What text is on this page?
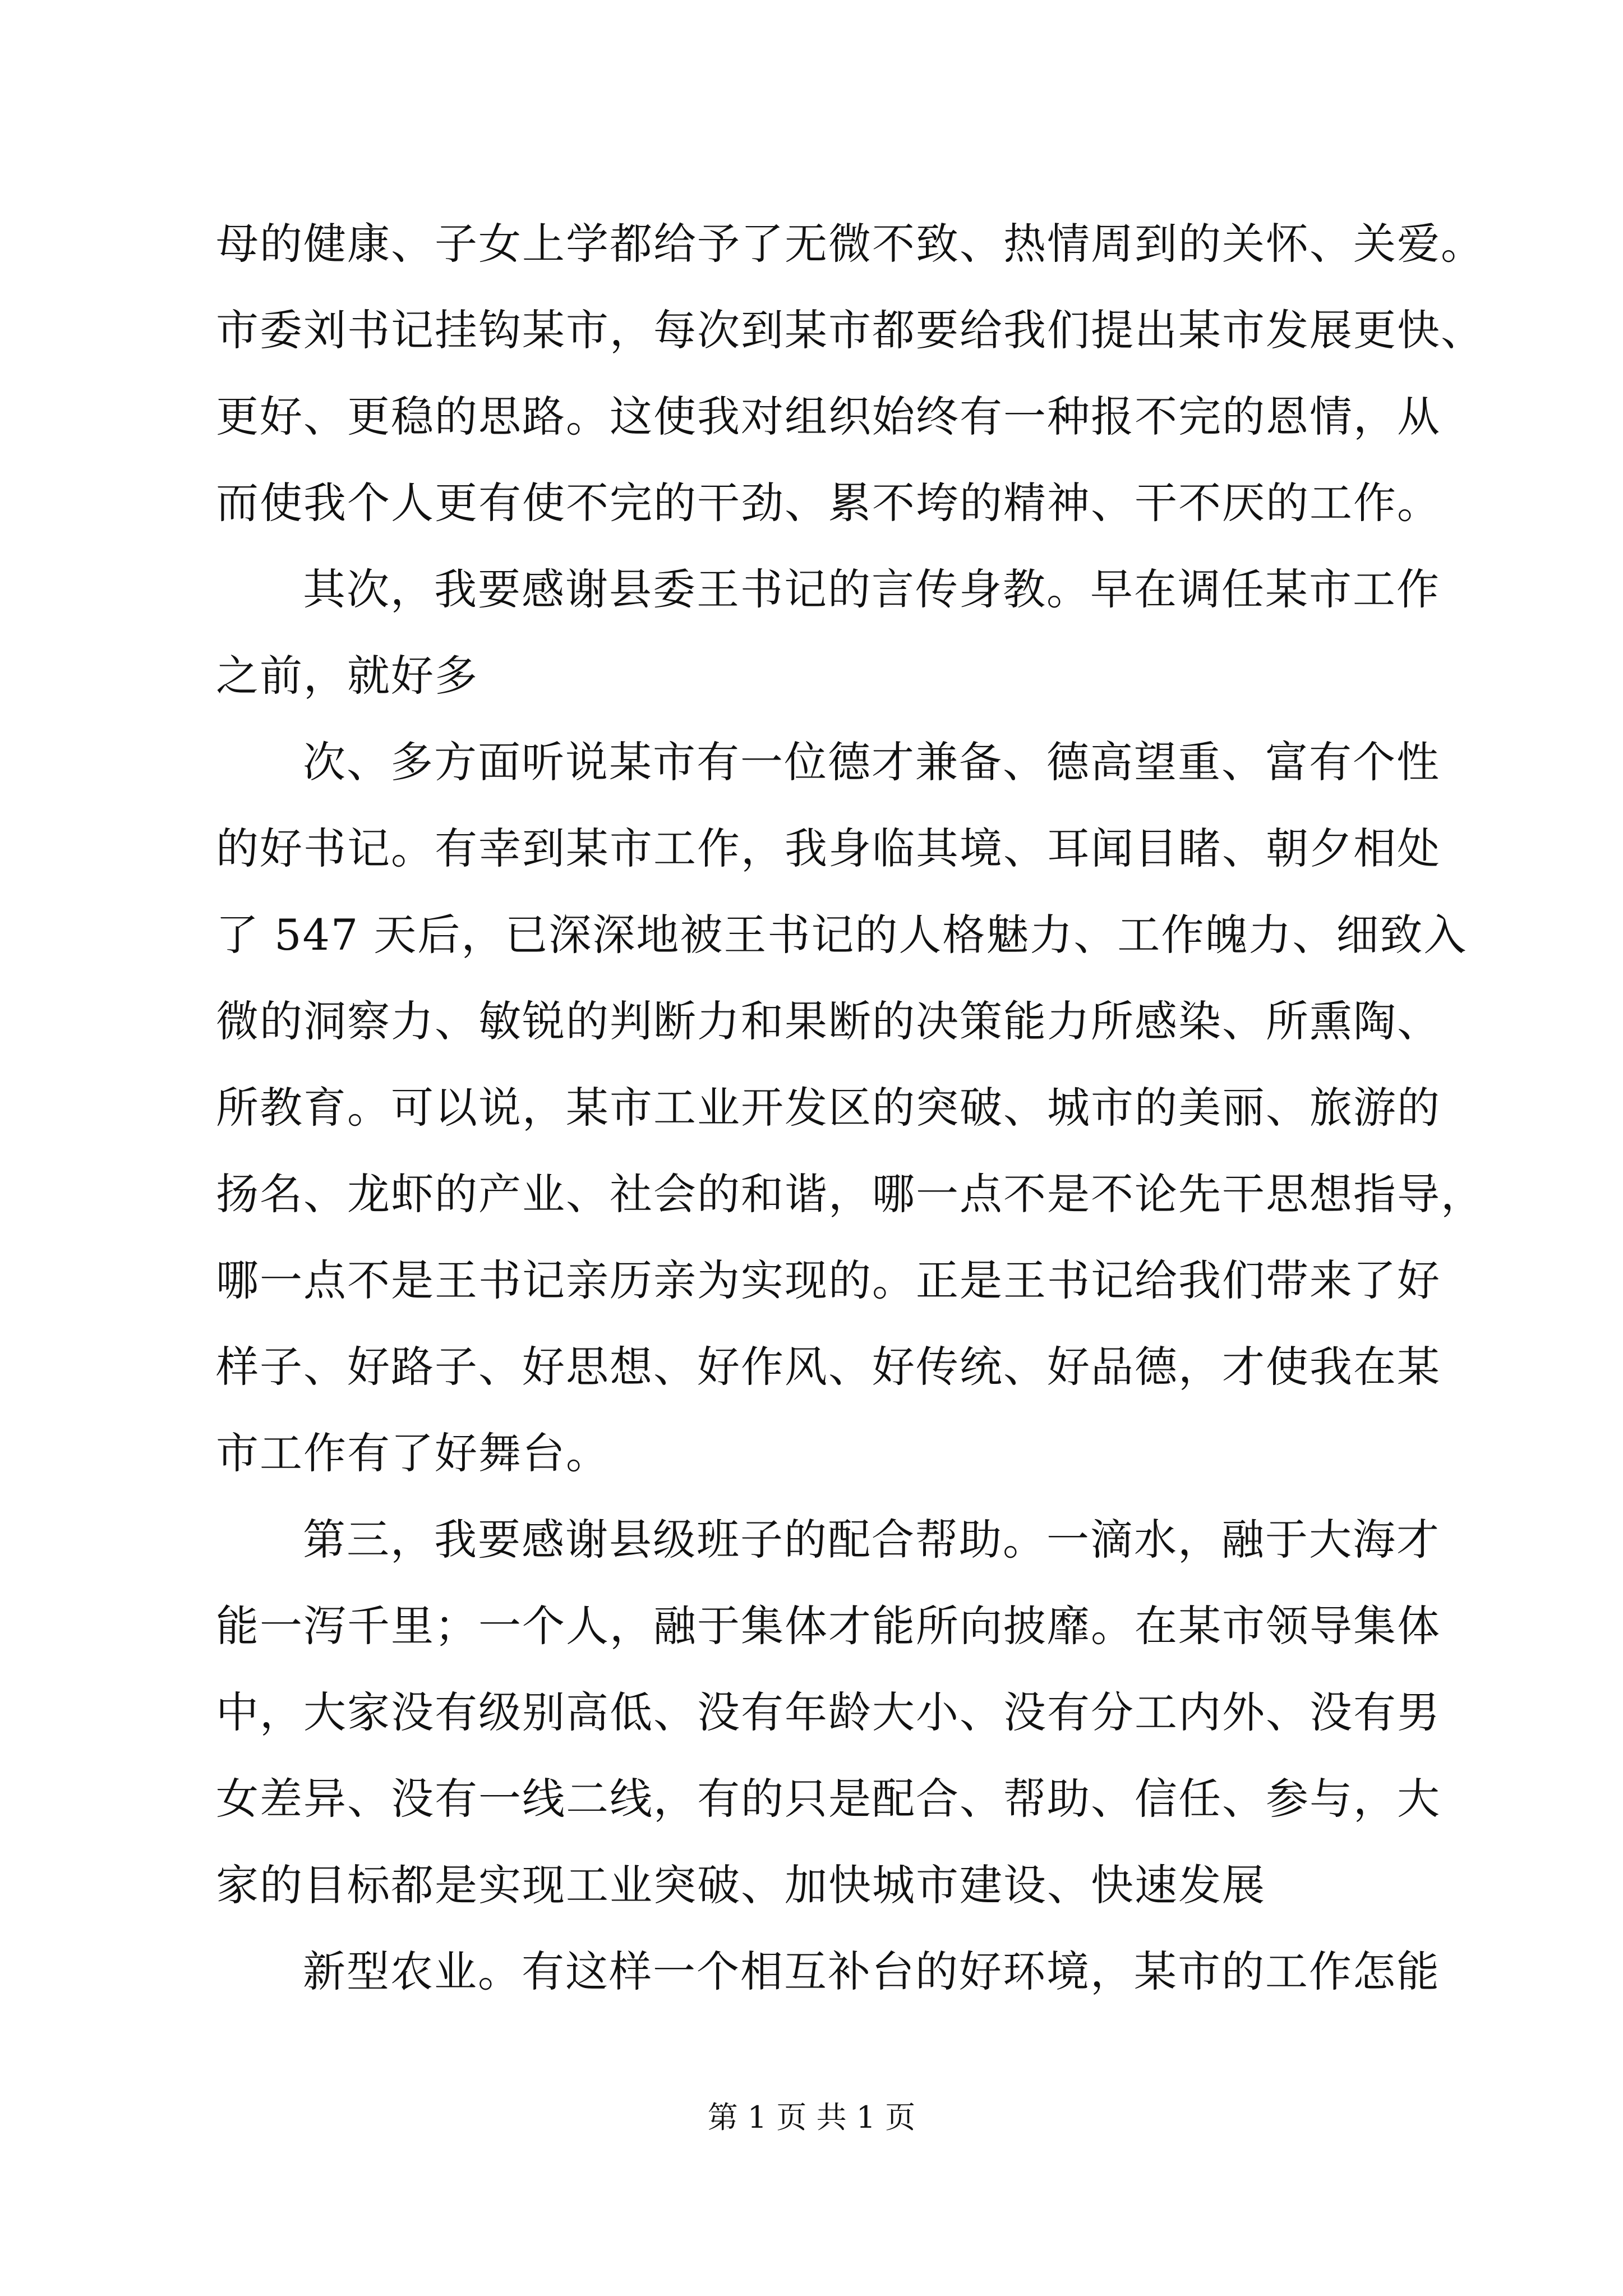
母的健康、子女上学都给予了无微不致、热情周到的关怀、关爱。
市委刘书记挂钩某市，每次到某市都要给我们提出某市发展更快、
更好、更稳的思路。这使我对组织始终有一种报不完的恩情，从
而使我个人更有使不完的干劲、累不垮的精神、干不厌的工作。
其次，我要感谢县委王书记的言传身教。早在调任某市工作
之前，就好多
次、多方面听说某市有一位德才兼备、德高望重、富有个性
的好书记。有幸到某市工作，我身临其境、耳闻目睹、朝夕相处
了 547 天后，已深深地被王书记的人格魅力、工作魄力、细致入
微的洞察力、敏锐的判断力和果断的决策能力所感染、所熏陶、
所教育。可以说，某市工业开发区的突破、城市的美丽、旅游的
扬名、龙虾的产业、社会的和谐，哪一点不是不论先干思想指导，
哪一点不是王书记亲历亲为实现的。正是王书记给我们带来了好
样子、好路子、好思想、好作风、好传统、好品德，才使我在某
市工作有了好舞台。
第三，我要感谢县级班子的配合帮助。一滴水，融于大海才
能一泻千里；一个人，融于集体才能所向披靡。在某市领导集体
中，大家没有级别高低、没有年龄大小、没有分工内外、没有男
女差异、没有一线二线，有的只是配合、帮助、信任、参与，大
家的目标都是实现工业突破、加快城市建设、快速发展
新型农业。有这样一个相互补台的好环境，某市的工作怎能
第 1 页 共 1 页
